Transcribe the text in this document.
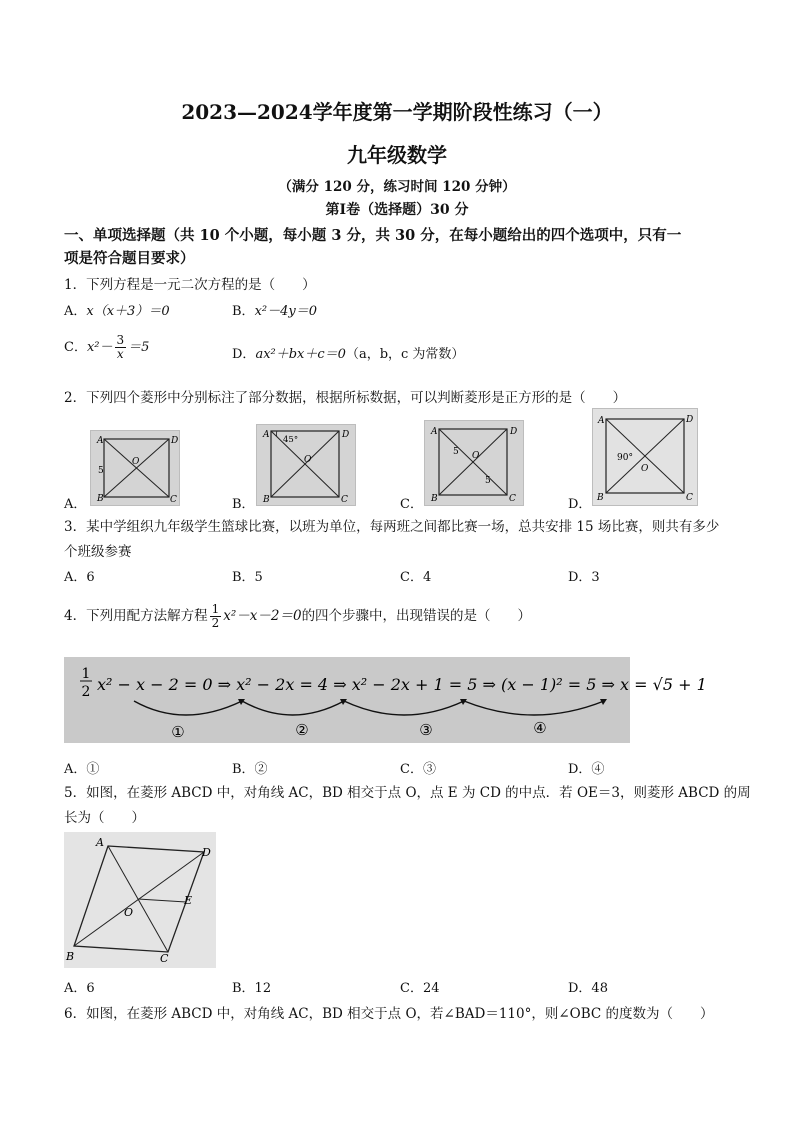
2023—2024学年度第一学期阶段性练习（一）
九年级数学
（满分 120 分，练习时间 120 分钟）
第Ⅰ卷（选择题）30 分
一、单项选择题（共 10 个小题，每小题 3 分，共 30 分，在每小题给出的四个选项中，只有一
项是符合题目要求）
1．下列方程是一元二次方程的是（　　）
A．x（x＋3）＝0	B．x²－4y＝0
C．$x^2- \frac{3}{x} =5$	D．ax²＋bx＋c＝0（a，b，c 为常数）
2．下列四个菱形中分别标注了部分数据，根据所标数据，可以判断菱形是正方形的是（　　）
A	D
B	C
O
5
A．
A	D
B	C
O
45°
B．
A	D
B	C
O
5
5
C．
A	D
B	C
O
90°
D．
3．某中学组织九年级学生篮球比赛，以班为单位，每两班之间都比赛一场，总共安排 15 场比赛，则共有多少
个班级参赛
A．6	B．5	C．4	D．3
4．下列用配方法解方程 $\frac{1}{2} x^2-x-2=0$的四个步骤中，出现错误的是（　　）
1
2 x² − x − 2 = 0 ⇒ x² − 2x = 4 ⇒ x² − 2x + 1 = 5 ⇒ (x − 1)² = 5 ⇒ x = √5 + 1
①	②	③	④
A．①	B．②	C．③	D．④
5．如图，在菱形 ABCD 中，对角线 AC，BD 相交于点 O，点 E 为 CD 的中点．若 OE＝3，则菱形 ABCD 的周
长为（　　）
A
D
B	C
O
E
A．6	B．12	C．24	D．48
6．如图，在菱形 ABCD 中，对角线 AC，BD 相交于点 O，若∠BAD＝110°，则∠OBC 的度数为（　　）
